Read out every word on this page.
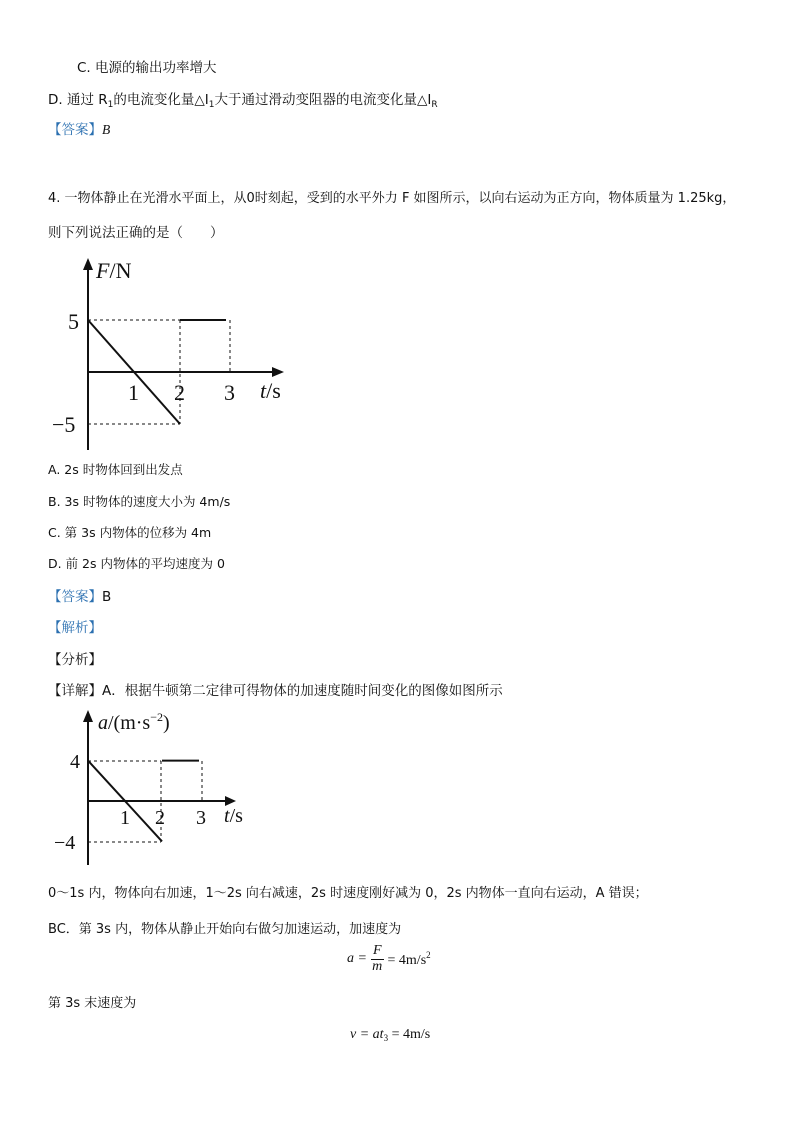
C. 电源的输出功率增大
D. 通过 $R_1$的电流变化量$\triangle I_1$大于通过滑动变阻器的电流变化量$\triangle I_R$
【答案】B
4. 一物体静止在光滑水平面上，从0时刻起，受到的水平外力 F 如图所示，以向右运动为正方向，物体质量为 1.25kg，
则下列说法正确的是（　　）
F/N
t/s
1 2 3
5
−5
A. 2s 时物体回到出发点
B. 3s 时物体的速度大小为 4m/s
C. 第 3s 内物体的位移为 4m
D. 前 2s 内物体的平均速度为 0
【答案】B
【解析】
【分析】
【详解】A．根据牛顿第二定律可得物体的加速度随时间变化的图像如图所示
$a/(m\cdot s^{-2})$
t/s
1 2 3
4
−4
0～1s 内，物体向右加速，1～2s 向右减速，2s 时速度刚好减为 0，2s 内物体一直向右运动，A 错误；
BC．第 3s 内，物体从静止开始向右做匀加速运动，加速度为
$a = \frac{F}{m} = 4m/s^2$
第 3s 末速度为
$v = at_3 = 4m/s$
